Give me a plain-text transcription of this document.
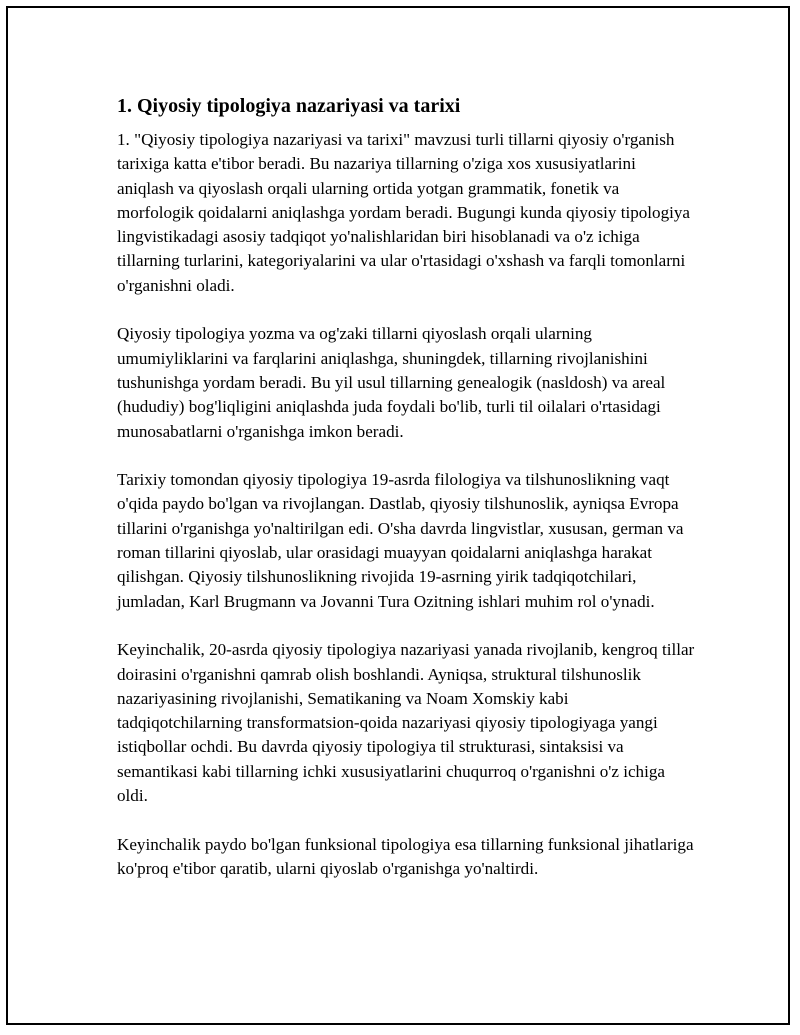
1. Qiyosiy tipologiya nazariyasi va tarixi

1. "Qiyosiy tipologiya nazariyasi va tarixi" mavzusi turli tillarni qiyosiy o'rganish tarixiga katta e'tibor beradi. Bu nazariya tillarning o'ziga xos xususiyatlarini aniqlash va qiyoslash orqali ularning ortida yotgan grammatik, fonetik va morfologik qoidalarni aniqlashga yordam beradi. Bugungi kunda qiyosiy tipologiya lingvistikadagi asosiy tadqiqot yo'nalishlaridan biri hisoblanadi va o'z ichiga tillarning turlarini, kategoriyalarini va ular o'rtasidagi o'xshash va farqli tomonlarni o'rganishni oladi.

Qiyosiy tipologiya yozma va og'zaki tillarni qiyoslash orqali ularning umumiyliklarini va farqlarini aniqlashga, shuningdek, tillarning rivojlanishini tushunishga yordam beradi. Bu yil usul tillarning genealogik (nasldosh) va areal (hududiy) bog'liqligini aniqlashda juda foydali bo'lib, turli til oilalari o'rtasidagi munosabatlarni o'rganishga imkon beradi.

Tarixiy tomondan qiyosiy tipologiya 19-asrda filologiya va tilshunoslikning vaqt o'qida paydo bo'lgan va rivojlangan. Dastlab, qiyosiy tilshunoslik, ayniqsa Evropa tillarini o'rganishga yo'naltirilgan edi. O'sha davrda lingvistlar, xususan, german va roman tillarini qiyoslab, ular orasidagi muayyan qoidalarni aniqlashga harakat qilishgan. Qiyosiy tilshunoslikning rivojida 19-asrning yirik tadqiqotchilari, jumladan, Karl Brugmann va Jovanni Tura Ozitning ishlari muhim rol o'ynadi.

Keyinchalik, 20-asrda qiyosiy tipologiya nazariyasi yanada rivojlanib, kengroq tillar doirasini o'rganishni qamrab olish boshlandi. Ayniqsa, struktural tilshunoslik nazariyasining rivojlanishi, Sematikaning va Noam Xomskiy kabi tadqiqotchilarning transformatsion-qoida nazariyasi qiyosiy tipologiyaga yangi istiqbollar ochdi. Bu davrda qiyosiy tipologiya til strukturasi, sintaksisi va semantikasi kabi tillarning ichki xususiyatlarini chuqurroq o'rganishni o'z ichiga oldi.

Keyinchalik paydo bo'lgan funksional tipologiya esa tillarning funksional jihatlariga ko'proq e'tibor qaratib, ularni qiyoslab o'rganishga yo'naltirdi.
